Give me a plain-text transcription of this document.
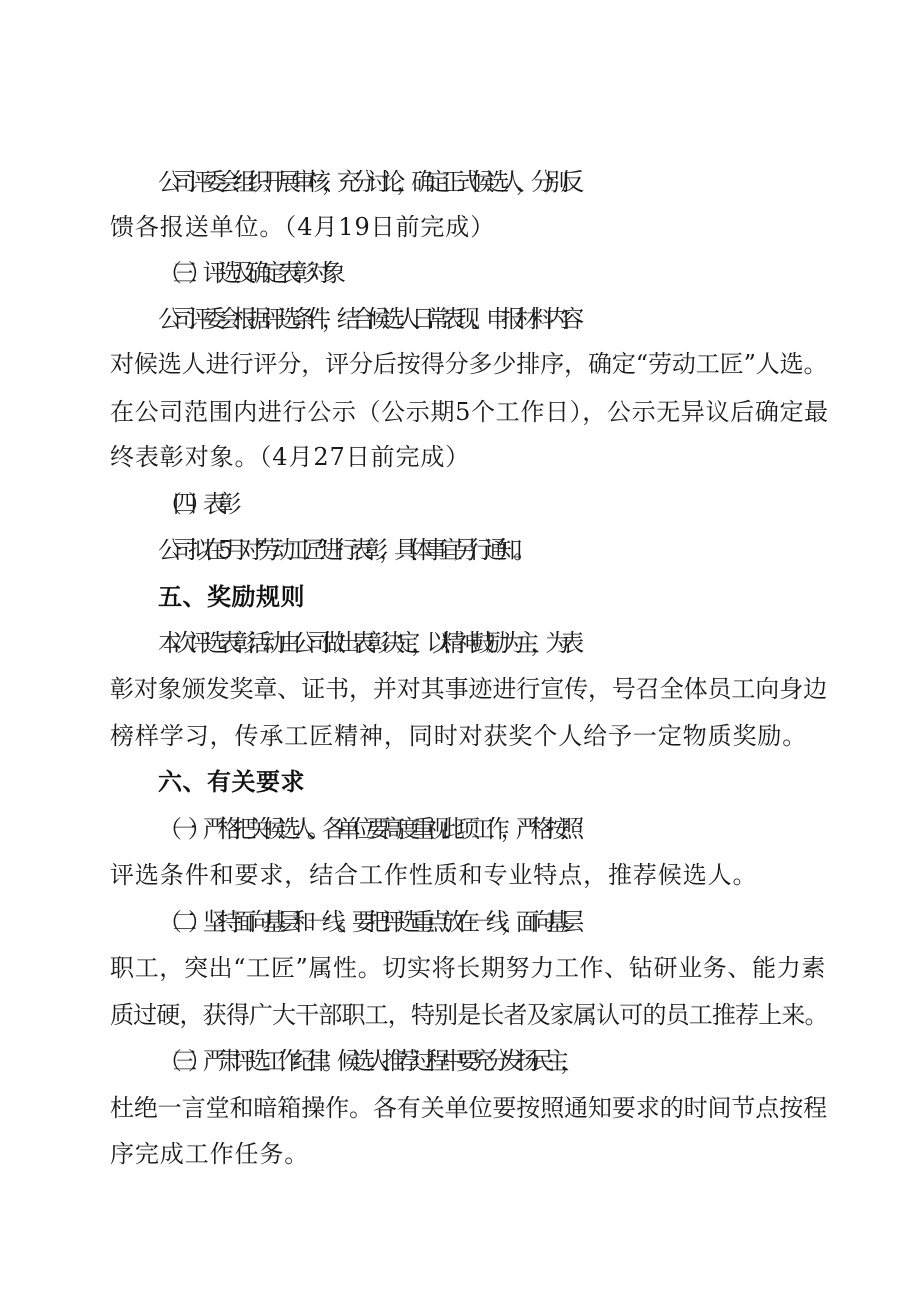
公司评委会组织开展审核，充分讨论，确定正式候选人，分别反
馈各报送单位。（4月19日前完成）
（三）评选及确定表彰对象
公司评委会根据评选条件，结合候选人日常表现、申报材料内容
对候选人进行评分，评分后按得分多少排序，确定“劳动工匠”人选。
在公司范围内进行公示（公示期5个工作日），公示无异议后确定最
终表彰对象。（4月27日前完成）
（四）表彰
公司拟在5月对“劳动工匠”进行表彰，具体事宜另行通知。
五、奖励规则
本次评选表彰活动由公司做出表彰决定，以精神鼓励为主，为表
彰对象颁发奖章、证书，并对其事迹进行宣传，号召全体员工向身边
榜样学习，传承工匠精神，同时对获奖个人给予一定物质奖励。
六、有关要求
（一）严格把关候选人。各单位要高度重视此项工作，严格按照
评选条件和要求，结合工作性质和专业特点，推荐候选人。
（二）坚持面向基层和一线。要把评选重点放在一线，面向基层
职工，突出“工匠”属性。切实将长期努力工作、钻研业务、能力素
质过硬，获得广大干部职工，特别是长者及家属认可的员工推荐上来。
（三）严肃评选工作纪律。候选人推荐过程中要充分发扬民主，
杜绝一言堂和暗箱操作。各有关单位要按照通知要求的时间节点按程
序完成工作任务。
